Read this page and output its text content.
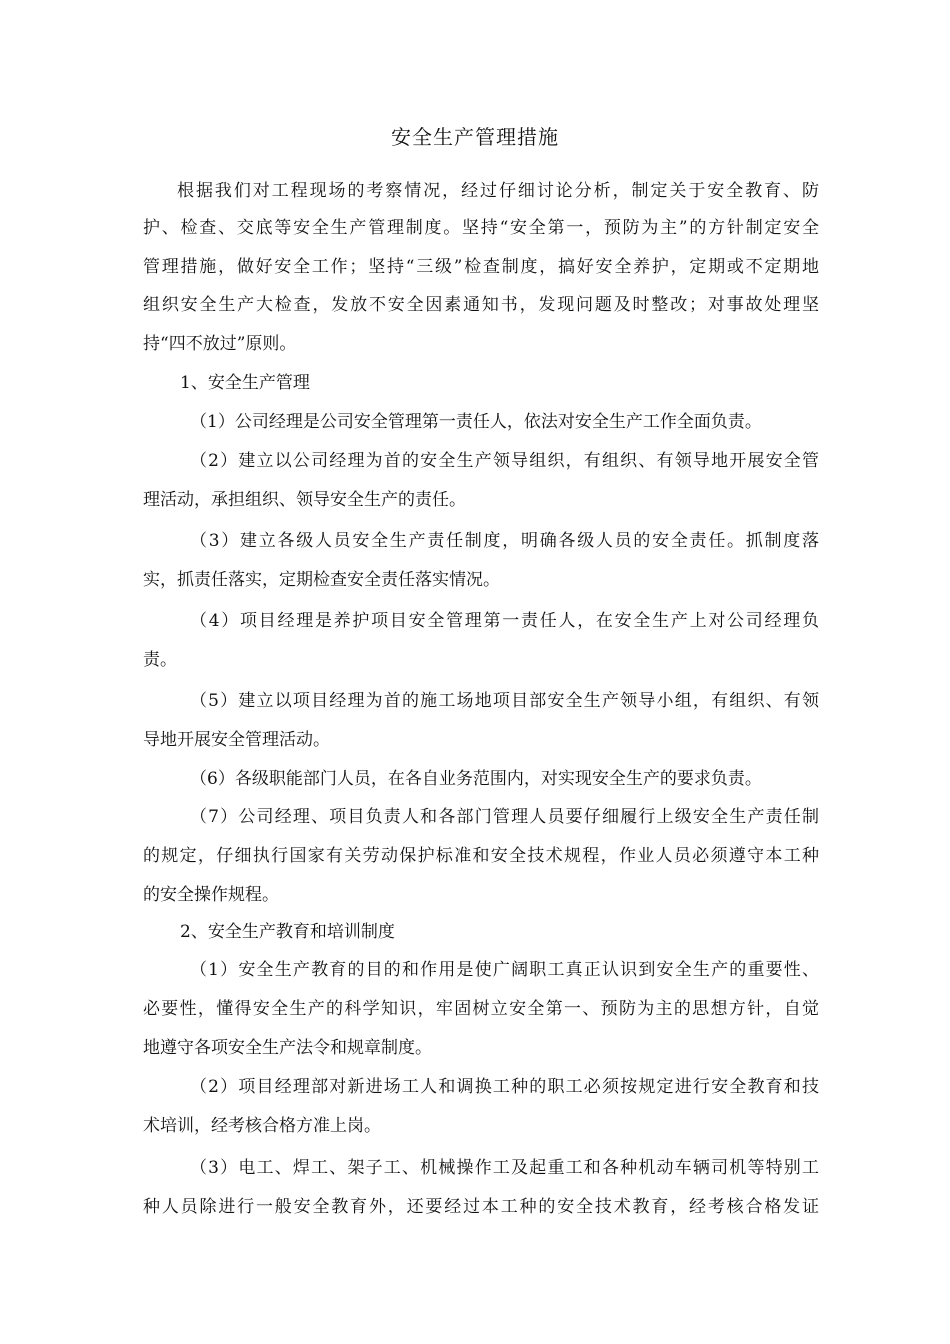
安全生产管理措施

根据我们对工程现场的考察情况，经过仔细讨论分析，制定关于安全教育、防

护、检查、交底等安全生产管理制度。坚持“安全第一，预防为主”的方针制定安全

管理措施，做好安全工作；坚持“三级”检查制度，搞好安全养护，定期或不定期地

组织安全生产大检查，发放不安全因素通知书，发现问题及时整改；对事故处理坚

持“四不放过”原则。

1、安全生产管理

（1）公司经理是公司安全管理第一责任人，依法对安全生产工作全面负责。

（2）建立以公司经理为首的安全生产领导组织，有组织、有领导地开展安全管

理活动，承担组织、领导安全生产的责任。

（3）建立各级人员安全生产责任制度，明确各级人员的安全责任。抓制度落

实，抓责任落实，定期检查安全责任落实情况。

（4）项目经理是养护项目安全管理第一责任人，在安全生产上对公司经理负

责。

（5）建立以项目经理为首的施工场地项目部安全生产领导小组，有组织、有领

导地开展安全管理活动。

（6）各级职能部门人员，在各自业务范围内，对实现安全生产的要求负责。

（7）公司经理、项目负责人和各部门管理人员要仔细履行上级安全生产责任制

的规定，仔细执行国家有关劳动保护标准和安全技术规程，作业人员必须遵守本工种

的安全操作规程。

2、安全生产教育和培训制度

（1）安全生产教育的目的和作用是使广阔职工真正认识到安全生产的重要性、

必要性，懂得安全生产的科学知识，牢固树立安全第一、预防为主的思想方针，自觉

地遵守各项安全生产法令和规章制度。

（2）项目经理部对新进场工人和调换工种的职工必须按规定进行安全教育和技

术培训，经考核合格方准上岗。

（3）电工、焊工、架子工、机械操作工及起重工和各种机动车辆司机等特别工

种人员除进行一般安全教育外，还要经过本工种的安全技术教育，经考核合格发证
